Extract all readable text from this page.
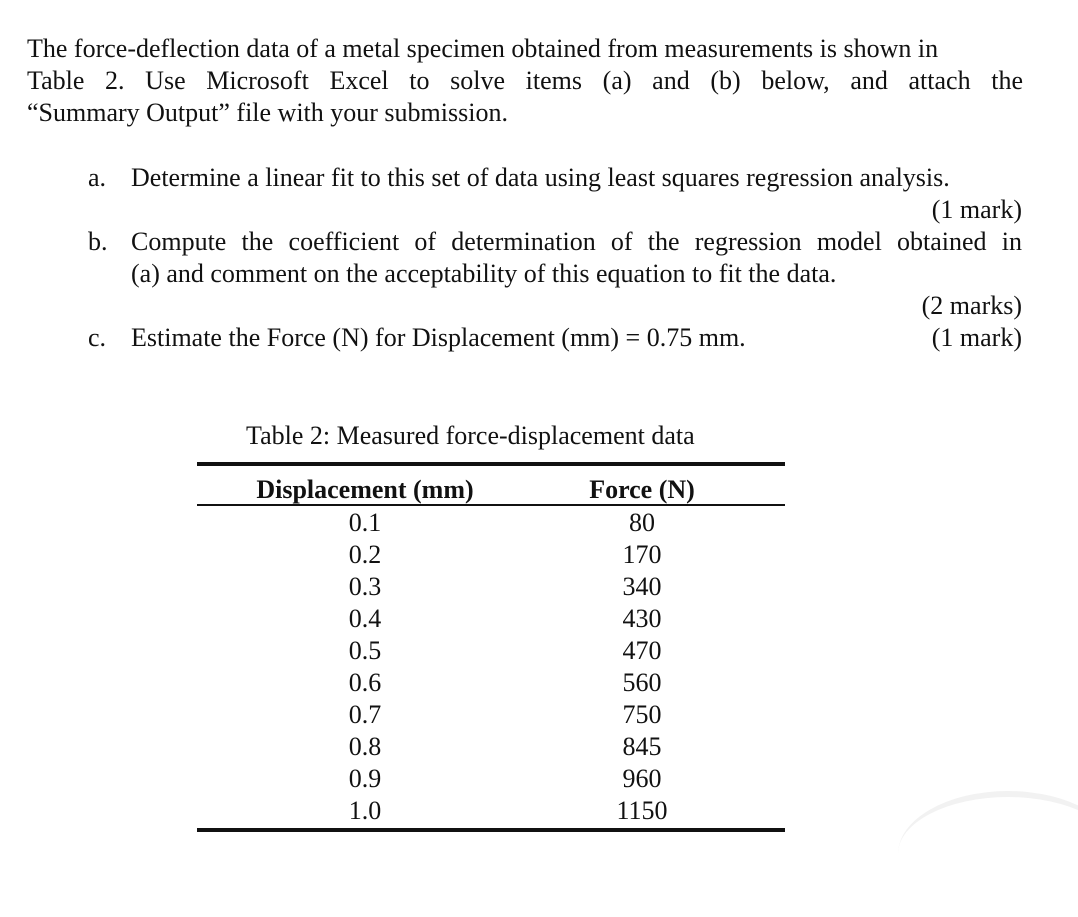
The force-deflection data of a metal specimen obtained from measurements is shown in
Table 2. Use Microsoft Excel to solve items (a) and (b) below, and attach the
“Summary Output” file with your submission.
a. Determine a linear fit to this set of data using least squares regression analysis.
(1 mark)
b. Compute the coefficient of determination of the regression model obtained in
(a) and comment on the acceptability of this equation to fit the data.
(2 marks)
c. Estimate the Force (N) for Displacement (mm) = 0.75 mm.	(1 mark)
Table 2: Measured force-displacement data
Displacement (mm)	Force (N)
0.1	80
0.2	170
0.3	340
0.4	430
0.5	470
0.6	560
0.7	750
0.8	845
0.9	960
1.0	1150
